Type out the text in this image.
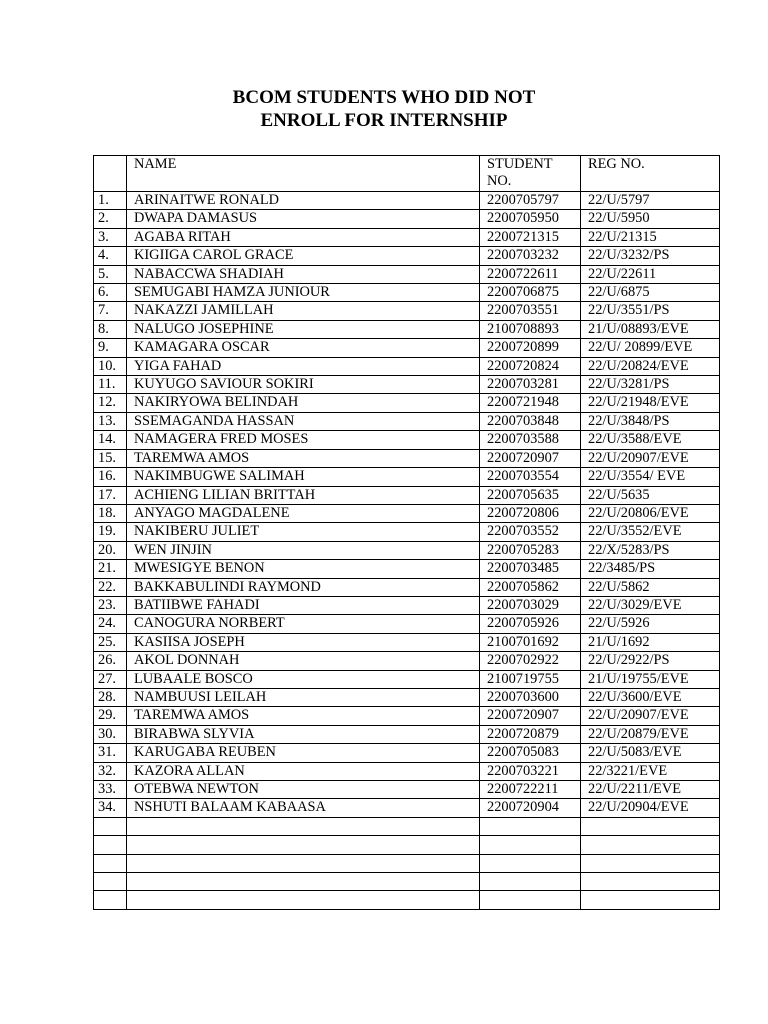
BCOM STUDENTS WHO DID NOT
ENROLL FOR INTERNSHIP
	NAME	STUDENT NO.	REG NO.
1.	ARINAITWE RONALD	2200705797	22/U/5797
2.	DWAPA DAMASUS	2200705950	22/U/5950
3.	AGABA RITAH	2200721315	22/U/21315
4.	KIGIIGA CAROL GRACE	2200703232	22/U/3232/PS
5.	NABACCWA SHADIAH	2200722611	22/U/22611
6.	SEMUGABI HAMZA JUNIOUR	2200706875	22/U/6875
7.	NAKAZZI JAMILLAH	2200703551	22/U/3551/PS
8.	NALUGO JOSEPHINE	2100708893	21/U/08893/EVE
9.	KAMAGARA OSCAR	2200720899	22/U/ 20899/EVE
10.	YIGA FAHAD	2200720824	22/U/20824/EVE
11.	KUYUGO SAVIOUR SOKIRI	2200703281	22/U/3281/PS
12.	NAKIRYOWA BELINDAH	2200721948	22/U/21948/EVE
13.	SSEMAGANDA HASSAN	2200703848	22/U/3848/PS
14.	NAMAGERA FRED MOSES	2200703588	22/U/3588/EVE
15.	TAREMWA AMOS	2200720907	22/U/20907/EVE
16.	NAKIMBUGWE SALIMAH	2200703554	22/U/3554/ EVE
17.	ACHIENG LILIAN BRITTAH	2200705635	22/U/5635
18.	ANYAGO MAGDALENE	2200720806	22/U/20806/EVE
19.	NAKIBERU JULIET	2200703552	22/U/3552/EVE
20.	WEN JINJIN	2200705283	22/X/5283/PS
21.	MWESIGYE BENON	2200703485	22/3485/PS
22.	BAKKABULINDI RAYMOND	2200705862	22/U/5862
23.	BATIIBWE FAHADI	2200703029	22/U/3029/EVE
24.	CANOGURA NORBERT	2200705926	22/U/5926
25.	KASIISA JOSEPH	2100701692	21/U/1692
26.	AKOL DONNAH	2200702922	22/U/2922/PS
27.	LUBAALE BOSCO	2100719755	21/U/19755/EVE
28.	NAMBUUSI LEILAH	2200703600	22/U/3600/EVE
29.	TAREMWA AMOS	2200720907	22/U/20907/EVE
30.	BIRABWA SLYVIA	2200720879	22/U/20879/EVE
31.	KARUGABA REUBEN	2200705083	22/U/5083/EVE
32.	KAZORA ALLAN	2200703221	22/3221/EVE
33.	OTEBWA NEWTON	2200722211	22/U/2211/EVE
34.	NSHUTI BALAAM KABAASA	2200720904	22/U/20904/EVE
